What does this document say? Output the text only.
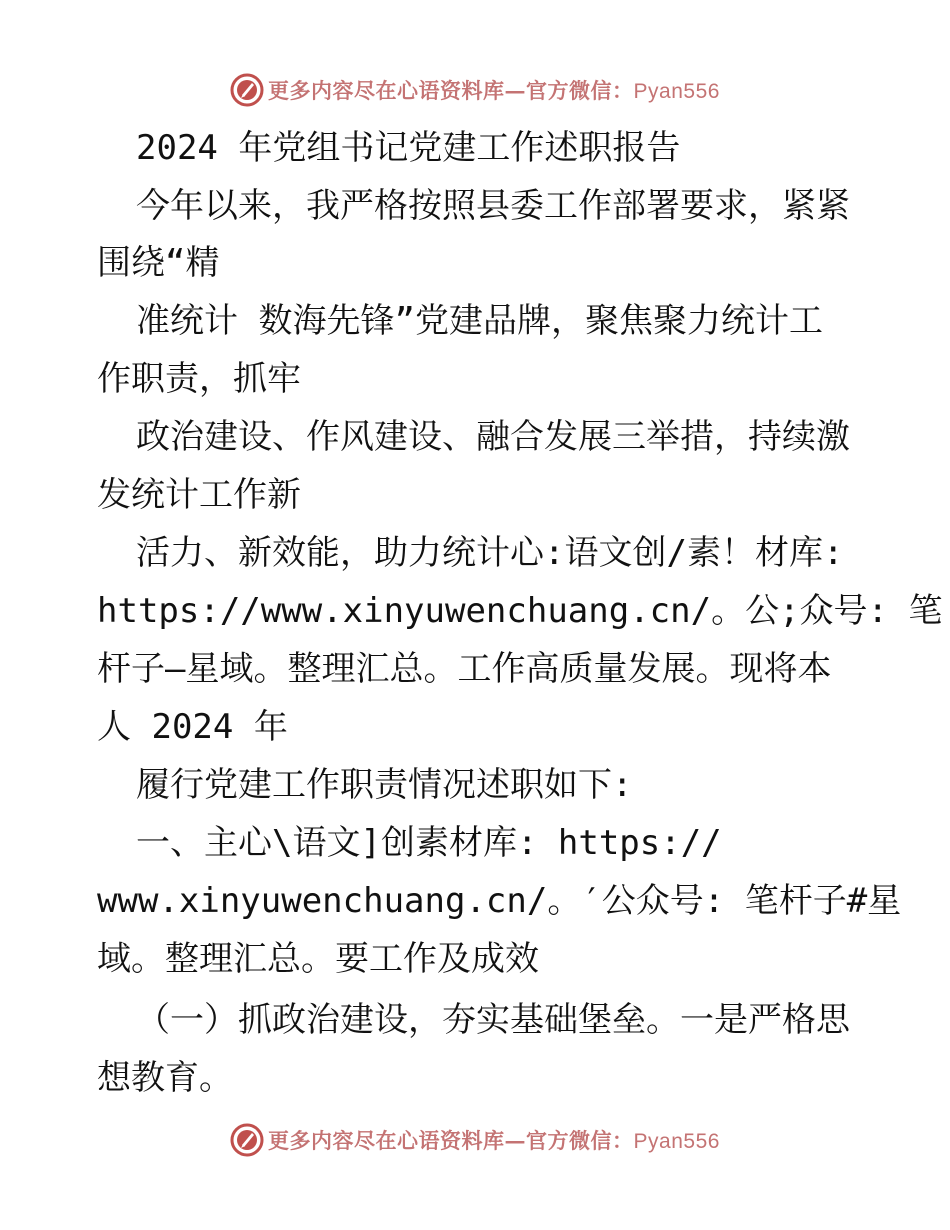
更多内容尽在心语资料库—官方微信：Pyan556
2024 年党组书记党建工作述职报告
今年以来，我严格按照县委工作部署要求，紧紧
围绕“精
准统计 数海先锋”党建品牌，聚焦聚力统计工
作职责，抓牢
政治建设、作风建设、融合发展三举措，持续激
发统计工作新
活力、新效能，助力统计心:语文创/素！材库:
https://www.xinyuwenchuang.cn/。公;众号: 笔
杆子—星域。整理汇总。工作高质量发展。现将本
人 2024 年
履行党建工作职责情况述职如下:
一、主心\语文]创素材库: https://
www.xinyuwenchuang.cn/。′公众号: 笔杆子#星
域。整理汇总。要工作及成效
（一）抓政治建设，夯实基础堡垒。一是严格思
想教育。
更多内容尽在心语资料库—官方微信：Pyan556
